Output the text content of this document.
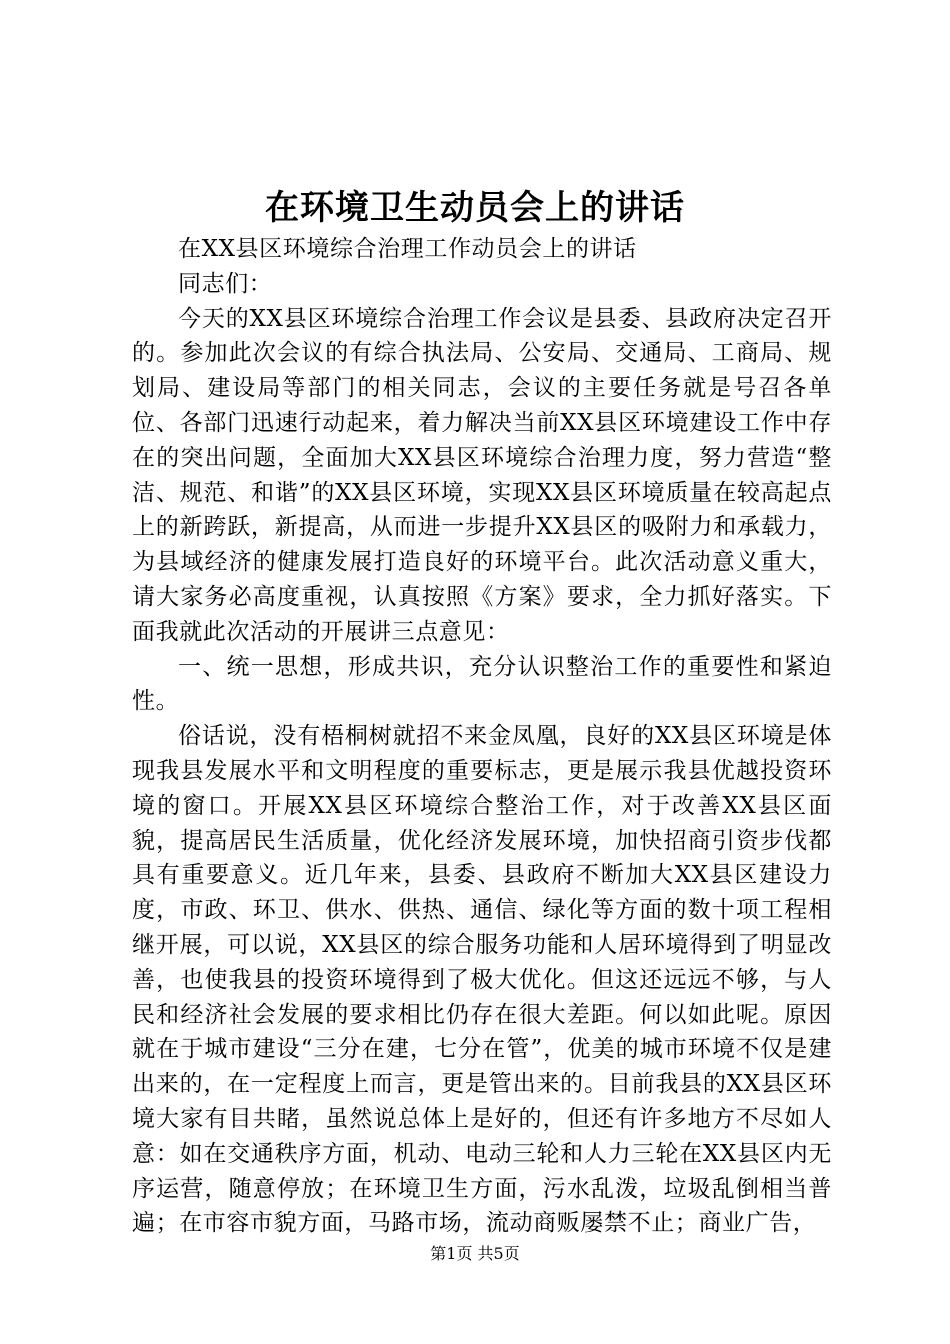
在环境卫生动员会上的讲话

在XX县区环境综合治理工作动员会上的讲话

同志们：

今天的XX县区环境综合治理工作会议是县委、县政府决定召开的。参加此次会议的有综合执法局、公安局、交通局、工商局、规划局、建设局等部门的相关同志，会议的主要任务就是号召各单位、各部门迅速行动起来，着力解决当前XX县区环境建设工作中存在的突出问题，全面加大XX县区环境综合治理力度，努力营造“整洁、规范、和谐”的XX县区环境，实现XX县区环境质量在较高起点上的新跨跃，新提高，从而进一步提升XX县区的吸附力和承载力，为县域经济的健康发展打造良好的环境平台。此次活动意义重大，请大家务必高度重视，认真按照《方案》要求，全力抓好落实。下面我就此次活动的开展讲三点意见：

一、统一思想，形成共识，充分认识整治工作的重要性和紧迫性。

俗话说，没有梧桐树就招不来金凤凰，良好的XX县区环境是体现我县发展水平和文明程度的重要标志，更是展示我县优越投资环境的窗口。开展XX县区环境综合整治工作，对于改善XX县区面貌，提高居民生活质量，优化经济发展环境，加快招商引资步伐都具有重要意义。近几年来，县委、县政府不断加大XX县区建设力度，市政、环卫、供水、供热、通信、绿化等方面的数十项工程相继开展，可以说，XX县区的综合服务功能和人居环境得到了明显改善，也使我县的投资环境得到了极大优化。但这还远远不够，与人民和经济社会发展的要求相比仍存在很大差距。何以如此呢。原因就在于城市建设“三分在建，七分在管”，优美的城市环境不仅是建出来的，在一定程度上而言，更是管出来的。目前我县的XX县区环境大家有目共睹，虽然说总体上是好的，但还有许多地方不尽如人意：如在交通秩序方面，机动、电动三轮和人力三轮在XX县区内无序运营，随意停放；在环境卫生方面，污水乱泼，垃圾乱倒相当普遍；在市容市貌方面，马路市场，流动商贩屡禁不止；商业广告，

第1页 共5页
